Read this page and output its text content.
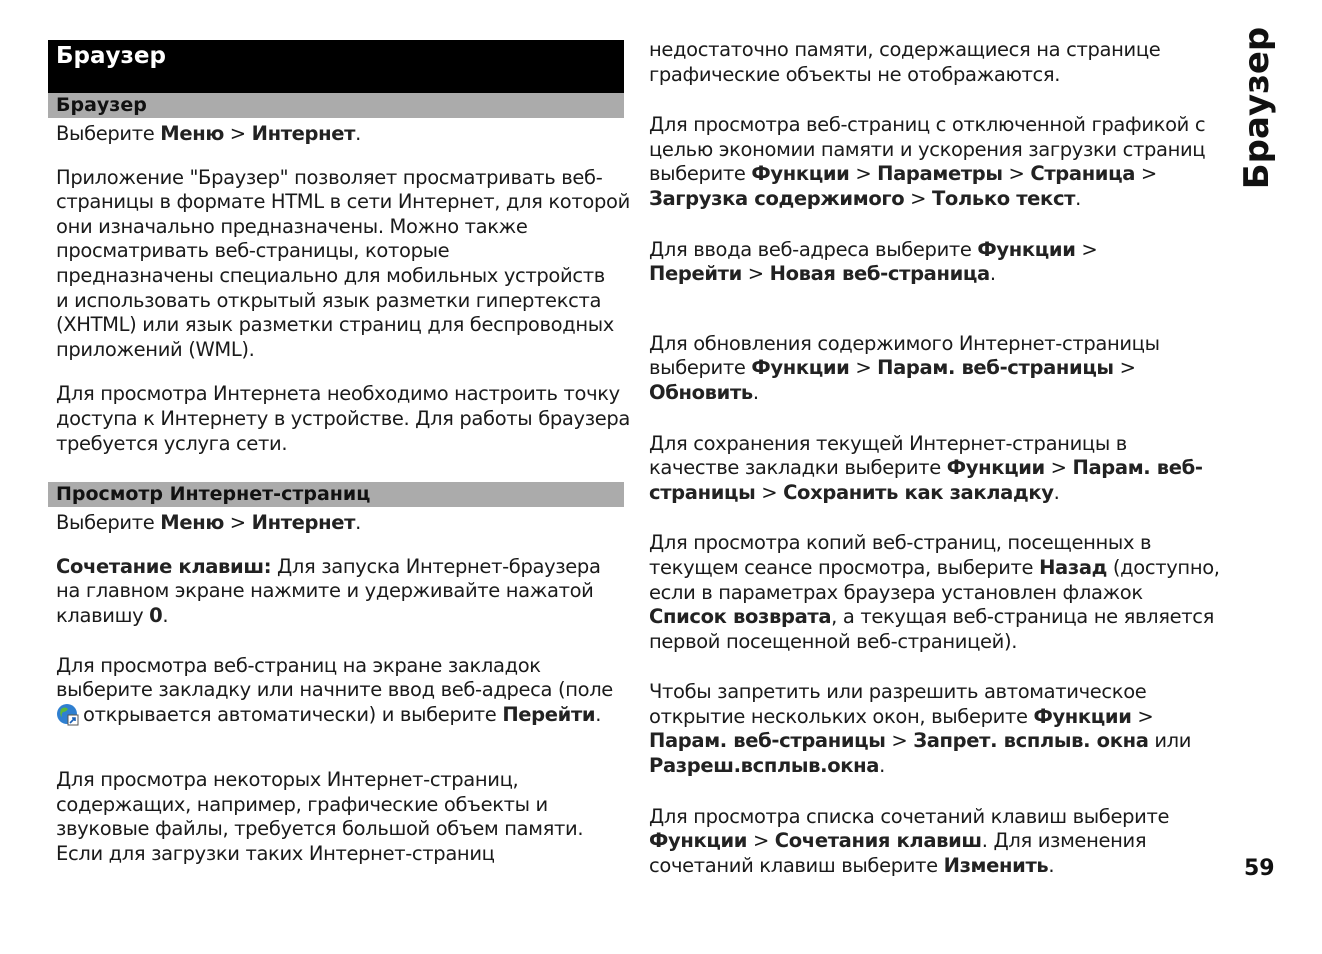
Браузер
Браузер
Выберите Меню > Интернет.
Приложение "Браузер" позволяет просматривать веб-
страницы в формате HTML в сети Интернет, для которой
они изначально предназначены. Можно также
просматривать веб-страницы, которые
предназначены специально для мобильных устройств
и использовать открытый язык разметки гипертекста
(XHTML) или язык разметки страниц для беспроводных
приложений (WML).
Для просмотра Интернета необходимо настроить точку
доступа к Интернету в устройстве. Для работы браузера
требуется услуга сети.
Просмотр Интернет-страниц
Выберите Меню > Интернет.
Сочетание клавиш: Для запуска Интернет-браузера
на главном экране нажмите и удерживайте нажатой
клавишу 0.
Для просмотра веб-страниц на экране закладок
выберите закладку или начните ввод веб-адреса (поле
открывается автоматически) и выберите Перейти.
Для просмотра некоторых Интернет-страниц,
содержащих, например, графические объекты и
звуковые файлы, требуется большой объем памяти.
Если для загрузки таких Интернет-страниц
недостаточно памяти, содержащиеся на странице
графические объекты не отображаются.
Для просмотра веб-страниц с отключенной графикой с
целью экономии памяти и ускорения загрузки страниц
выберите Функции > Параметры > Страница >
Загрузка содержимого > Только текст.
Для ввода веб-адреса выберите Функции >
Перейти > Новая веб-страница.
Для обновления содержимого Интернет-страницы
выберите Функции > Парам. веб-страницы >
Обновить.
Для сохранения текущей Интернет-страницы в
качестве закладки выберите Функции > Парам. веб-
страницы > Сохранить как закладку.
Для просмотра копий веб-страниц, посещенных в
текущем сеансе просмотра, выберите Назад (доступно,
если в параметрах браузера установлен флажок
Список возврата, а текущая веб-страница не является
первой посещенной веб-страницей).
Чтобы запретить или разрешить автоматическое
открытие нескольких окон, выберите Функции >
Парам. веб-страницы > Запрет. всплыв. окна или
Разреш.всплыв.окна.
Для просмотра списка сочетаний клавиш выберите
Функции > Сочетания клавиш. Для изменения
сочетаний клавиш выберите Изменить.
Браузер
59
